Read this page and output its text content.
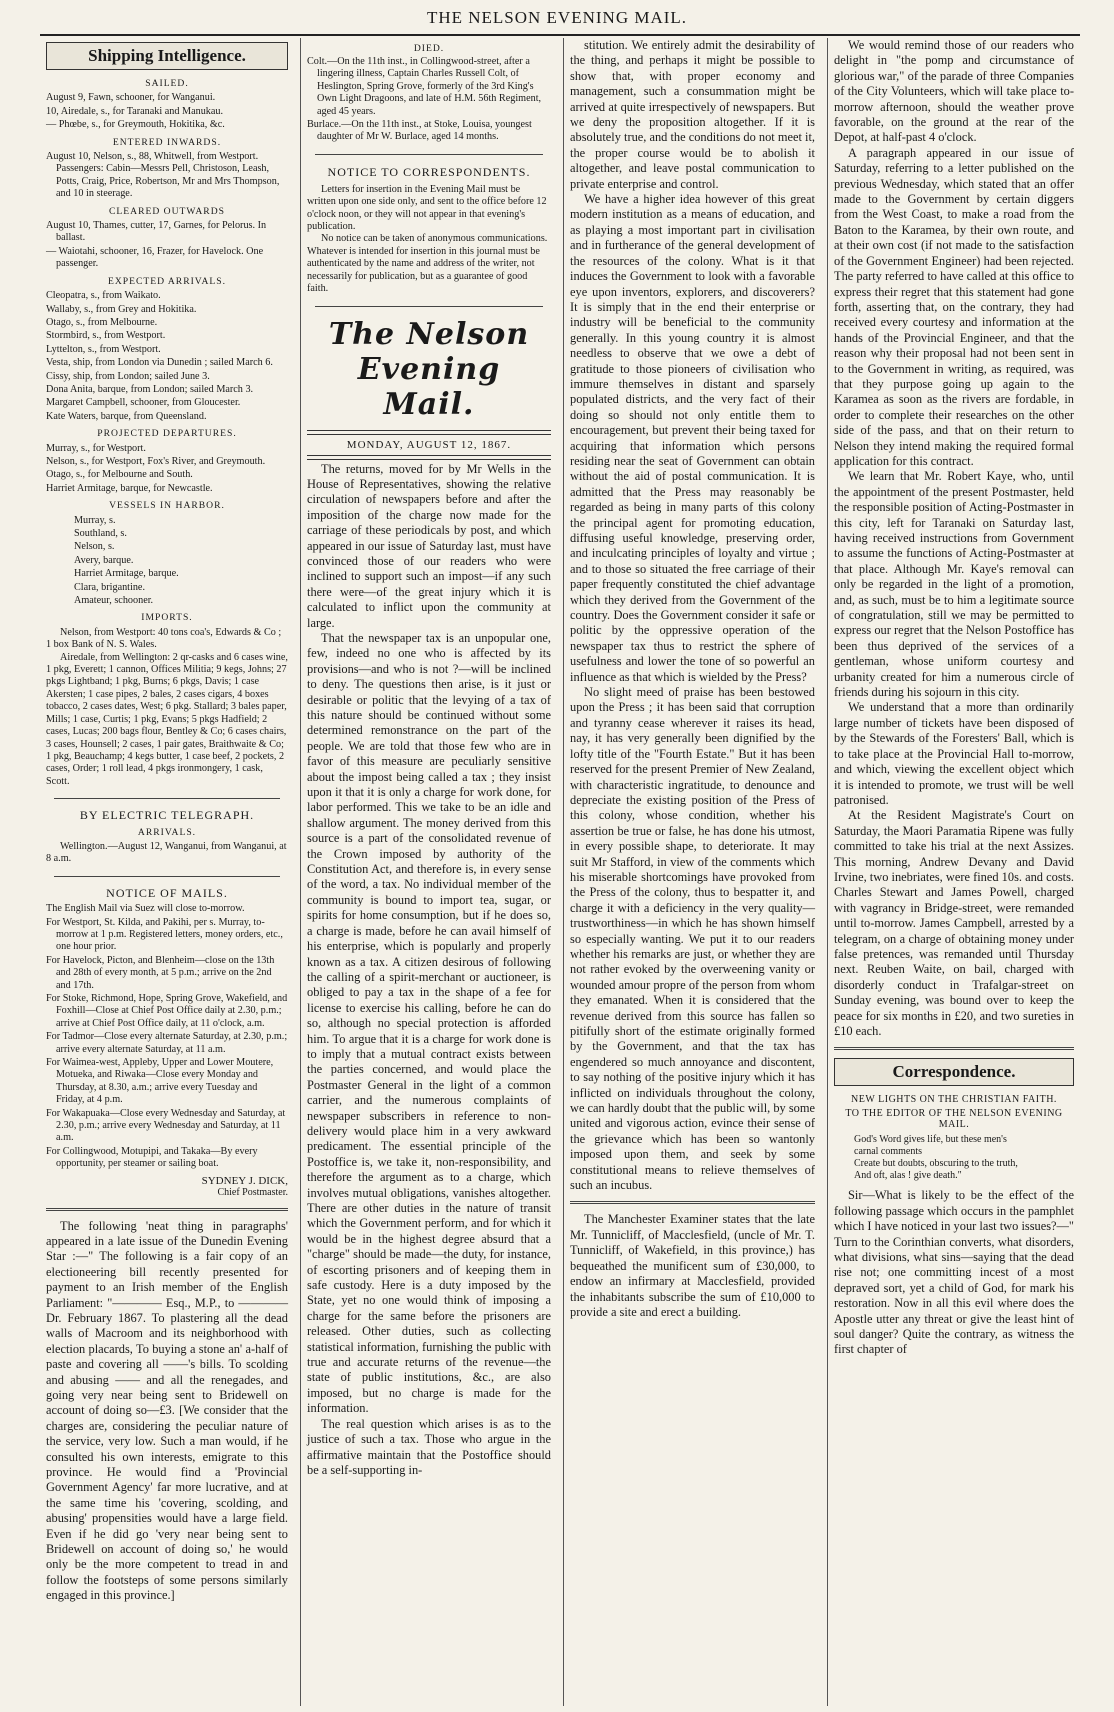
THE NELSON EVENING MAIL.
Shipping Intelligence.
SAILED.

August 9, Fawn, schooner, for Wanganui.

10, Airedale, s., for Taranaki and Manukau.

— Phœbe, s., for Greymouth, Hokitika, &c.

ENTERED INWARDS.

August 10, Nelson, s., 88, Whitwell, from Westport. Passengers: Cabin—Messrs Pell, Christoson, Leash, Potts, Craig, Price, Robertson, Mr and Mrs Thompson, and 10 in steerage.

CLEARED OUTWARDS

August 10, Thames, cutter, 17, Garnes, for Pelorus. In ballast.

— Waiotahi, schooner, 16, Frazer, for Havelock. One passenger.

EXPECTED ARRIVALS.

Cleopatra, s., from Waikato.

Wallaby, s., from Grey and Hokitika.

Otago, s., from Melbourne.

Stormbird, s., from Westport.

Lyttelton, s., from Westport.

Vesta, ship, from London via Dunedin ; sailed March 6.

Cissy, ship, from London; sailed June 3.

Dona Anita, barque, from London; sailed March 3.

Margaret Campbell, schooner, from Gloucester.

Kate Waters, barque, from Queensland.

PROJECTED DEPARTURES.

Murray, s., for Westport.

Nelson, s., for Westport, Fox's River, and Greymouth.

Otago, s., for Melbourne and South.

Harriet Armitage, barque, for Newcastle.

VESSELS IN HARBOR.

Murray, s.

Southland, s.

Nelson, s.

Avery, barque.

Harriet Armitage, barque.

Clara, brigantine.

Amateur, schooner.

IMPORTS.

Nelson, from Westport: 40 tons coa's, Edwards & Co ; 1 box Bank of N. S. Wales.

Airedale, from Wellington: 2 qr-casks and 6 cases wine, 1 pkg, Everett; 1 cannon, Offices Militia; 9 kegs, Johns; 27 pkgs Lightband; 1 pkg, Burns; 6 pkgs, Davis; 1 case Akersten; 1 case pipes, 2 bales, 2 cases cigars, 4 boxes tobacco, 2 cases dates, West; 6 pkg. Stallard; 3 bales paper, Mills; 1 case, Curtis; 1 pkg, Evans; 5 pkgs Hadfield; 2 cases, Lucas; 200 bags flour, Bentley & Co; 6 cases chairs, 3 cases, Hounsell; 2 cases, 1 pair gates, Braithwaite & Co; 1 pkg, Beauchamp; 4 kegs butter, 1 case beef, 2 pockets, 2 cases, Order; 1 roll lead, 4 pkgs ironmongery, 1 cask, Scott.

BY ELECTRIC TELEGRAPH.
ARRIVALS.

Wellington.—August 12, Wanganui, from Wanganui, at 8 a.m.

NOTICE OF MAILS.

The English Mail via Suez will close to-morrow.

For Westport, St. Kilda, and Pakihi, per s. Murray, to-morrow at 1 p.m. Registered letters, money orders, etc., one hour prior.

For Havelock, Picton, and Blenheim—close on the 13th and 28th of every month, at 5 p.m.; arrive on the 2nd and 17th.

For Stoke, Richmond, Hope, Spring Grove, Wakefield, and Foxhill—Close at Chief Post Office daily at 2.30, p.m.; arrive at Chief Post Office daily, at 11 o'clock, a.m.

For Tadmor—Close every alternate Saturday, at 2.30, p.m.; arrive every alternate Saturday, at 11 a.m.

For Waimea-west, Appleby, Upper and Lower Moutere, Motueka, and Riwaka—Close every Monday and Thursday, at 8.30, a.m.; arrive every Tuesday and Friday, at 4 p.m.

For Wakapuaka—Close every Wednesday and Saturday, at 2.30, p.m.; arrive every Wednesday and Saturday, at 11 a.m.

For Collingwood, Motupipi, and Takaka—By every opportunity, per steamer or sailing boat.

SYDNEY J. DICK,
Chief Postmaster.

The following 'neat thing in paragraphs' appeared in a late issue of the Dunedin Evening Star :—" The following is a fair copy of an electioneering bill recently presented for payment to an Irish member of the English Parliament: "———— Esq., M.P., to ———— Dr. February 1867. To plastering all the dead walls of Macroom and its neighborhood with election placards, To buying a stone an' a-half of paste and covering all ——'s bills. To scolding and abusing —— and all the renegades, and going very near being sent to Bridewell on account of doing so—£3. [We consider that the charges are, considering the peculiar nature of the service, very low. Such a man would, if he consulted his own interests, emigrate to this province. He would find a 'Provincial Government Agency' far more lucrative, and at the same time his 'covering, scolding, and abusing' propensities would have a large field. Even if he did go 'very near being sent to Bridewell on account of doing so,' he would only be the more competent to tread in and follow the footsteps of some persons similarly engaged in this province.]

DIED.

Colt.—On the 11th inst., in Collingwood-street, after a lingering illness, Captain Charles Russell Colt, of Heslington, Spring Grove, formerly of the 3rd King's Own Light Dragoons, and late of H.M. 56th Regiment, aged 45 years.

Burlace.—On the 11th inst., at Stoke, Louisa, youngest daughter of Mr W. Burlace, aged 14 months.

NOTICE TO CORRESPONDENTS.

Letters for insertion in the Evening Mail must be written upon one side only, and sent to the office before 12 o'clock noon, or they will not appear in that evening's publication.

No notice can be taken of anonymous communications. Whatever is intended for insertion in this journal must be authenticated by the name and address of the writer, not necessarily for publication, but as a guarantee of good faith.

The Nelson Evening Mail.
MONDAY, AUGUST 12, 1867.

The returns, moved for by Mr Wells in the House of Representatives, showing the relative circulation of newspapers before and after the imposition of the charge now made for the carriage of these periodicals by post, and which appeared in our issue of Saturday last, must have convinced those of our readers who were inclined to support such an impost—if any such there were—of the great injury which it is calculated to inflict upon the community at large.

That the newspaper tax is an unpopular one, few, indeed no one who is affected by its provisions—and who is not ?—will be inclined to deny. The questions then arise, is it just or desirable or politic that the levying of a tax of this nature should be continued without some determined remonstrance on the part of the people. We are told that those few who are in favor of this measure are peculiarly sensitive about the impost being called a tax ; they insist upon it that it is only a charge for work done, for labor performed. This we take to be an idle and shallow argument. The money derived from this source is a part of the consolidated revenue of the Crown imposed by authority of the Constitution Act, and therefore is, in every sense of the word, a tax. No individual member of the community is bound to import tea, sugar, or spirits for home consumption, but if he does so, a charge is made, before he can avail himself of his enterprise, which is popularly and properly known as a tax. A citizen desirous of following the calling of a spirit-merchant or auctioneer, is obliged to pay a tax in the shape of a fee for license to exercise his calling, before he can do so, although no special protection is afforded him. To argue that it is a charge for work done is to imply that a mutual contract exists between the parties concerned, and would place the Postmaster General in the light of a common carrier, and the numerous complaints of newspaper subscribers in reference to non-delivery would place him in a very awkward predicament. The essential principle of the Postoffice is, we take it, non-responsibility, and therefore the argument as to a charge, which involves mutual obligations, vanishes altogether. There are other duties in the nature of transit which the Government perform, and for which it would be in the highest degree absurd that a "charge" should be made—the duty, for instance, of escorting prisoners and of keeping them in safe custody. Here is a duty imposed by the State, yet no one would think of imposing a charge for the same before the prisoners are released. Other duties, such as collecting statistical information, furnishing the public with true and accurate returns of the revenue—the state of public institutions, &c., are also imposed, but no charge is made for the information.

The real question which arises is as to the justice of such a tax. Those who argue in the affirmative maintain that the Postoffice should be a self-supporting in-

stitution. We entirely admit the desirability of the thing, and perhaps it might be possible to show that, with proper economy and management, such a consummation might be arrived at quite irrespectively of newspapers. But we deny the proposition altogether. If it is absolutely true, and the conditions do not meet it, the proper course would be to abolish it altogether, and leave postal communication to private enterprise and control.

We have a higher idea however of this great modern institution as a means of education, and as playing a most important part in civilisation and in furtherance of the general development of the resources of the colony. What is it that induces the Government to look with a favorable eye upon inventors, explorers, and discoverers? It is simply that in the end their enterprise or industry will be beneficial to the community generally. In this young country it is almost needless to observe that we owe a debt of gratitude to those pioneers of civilisation who immure themselves in distant and sparsely populated districts, and the very fact of their doing so should not only entitle them to encouragement, but prevent their being taxed for acquiring that information which persons residing near the seat of Government can obtain without the aid of postal communication. It is admitted that the Press may reasonably be regarded as being in many parts of this colony the principal agent for promoting education, diffusing useful knowledge, preserving order, and inculcating principles of loyalty and virtue ; and to those so situated the free carriage of their paper frequently constituted the chief advantage which they derived from the Government of the country. Does the Government consider it safe or politic by the oppressive operation of the newspaper tax thus to restrict the sphere of usefulness and lower the tone of so powerful an influence as that which is wielded by the Press?

No slight meed of praise has been bestowed upon the Press ; it has been said that corruption and tyranny cease wherever it raises its head, nay, it has very generally been dignified by the lofty title of the "Fourth Estate." But it has been reserved for the present Premier of New Zealand, with characteristic ingratitude, to denounce and depreciate the existing position of the Press of this colony, whose condition, whether his assertion be true or false, he has done his utmost, in every possible shape, to deteriorate. It may suit Mr Stafford, in view of the comments which his miserable shortcomings have provoked from the Press of the colony, thus to bespatter it, and charge it with a deficiency in the very quality—trustworthiness—in which he has shown himself so especially wanting. We put it to our readers whether his remarks are just, or whether they are not rather evoked by the overweening vanity or wounded amour propre of the person from whom they emanated. When it is considered that the revenue derived from this source has fallen so pitifully short of the estimate originally formed by the Government, and that the tax has engendered so much annoyance and discontent, to say nothing of the positive injury which it has inflicted on individuals throughout the colony, we can hardly doubt that the public will, by some united and vigorous action, evince their sense of the grievance which has been so wantonly imposed upon them, and seek by some constitutional means to relieve themselves of such an incubus.

The Manchester Examiner states that the late Mr. Tunnicliff, of Macclesfield, (uncle of Mr. T. Tunnicliff, of Wakefield, in this province,) has bequeathed the munificent sum of £30,000, to endow an infirmary at Macclesfield, provided the inhabitants subscribe the sum of £10,000 to provide a site and erect a building.

We would remind those of our readers who delight in "the pomp and circumstance of glorious war," of the parade of three Companies of the City Volunteers, which will take place to-morrow afternoon, should the weather prove favorable, on the ground at the rear of the Depot, at half-past 4 o'clock.

A paragraph appeared in our issue of Saturday, referring to a letter published on the previous Wednesday, which stated that an offer made to the Government by certain diggers from the West Coast, to make a road from the Baton to the Karamea, by their own route, and at their own cost (if not made to the satisfaction of the Government Engineer) had been rejected. The party referred to have called at this office to express their regret that this statement had gone forth, asserting that, on the contrary, they had received every courtesy and information at the hands of the Provincial Engineer, and that the reason why their proposal had not been sent in to the Government in writing, as required, was that they purpose going up again to the Karamea as soon as the rivers are fordable, in order to complete their researches on the other side of the pass, and that on their return to Nelson they intend making the required formal application for this contract.

We learn that Mr. Robert Kaye, who, until the appointment of the present Postmaster, held the responsible position of Acting-Postmaster in this city, left for Taranaki on Saturday last, having received instructions from Government to assume the functions of Acting-Postmaster at that place. Although Mr. Kaye's removal can only be regarded in the light of a promotion, and, as such, must be to him a legitimate source of congratulation, still we may be permitted to express our regret that the Nelson Postoffice has been thus deprived of the services of a gentleman, whose uniform courtesy and urbanity created for him a numerous circle of friends during his sojourn in this city.

We understand that a more than ordinarily large number of tickets have been disposed of by the Stewards of the Foresters' Ball, which is to take place at the Provincial Hall to-morrow, and which, viewing the excellent object which it is intended to promote, we trust will be well patronised.

At the Resident Magistrate's Court on Saturday, the Maori Paramatia Ripene was fully committed to take his trial at the next Assizes. This morning, Andrew Devany and David Irvine, two inebriates, were fined 10s. and costs. Charles Stewart and James Powell, charged with vagrancy in Bridge-street, were remanded until to-morrow. James Campbell, arrested by a telegram, on a charge of obtaining money under false pretences, was remanded until Thursday next. Reuben Waite, on bail, charged with disorderly conduct in Trafalgar-street on Sunday evening, was bound over to keep the peace for six months in £20, and two sureties in £10 each.

Correspondence.
NEW LIGHTS ON THE CHRISTIAN FAITH.
TO THE EDITOR OF THE NELSON EVENING MAIL.

God's Word gives life, but these men's

carnal comments

Create but doubts, obscuring to the truth,

And oft, alas ! give death."

Sir—What is likely to be the effect of the following passage which occurs in the pamphlet which I have noticed in your last two issues?—" Turn to the Corinthian converts, what disorders, what divisions, what sins—saying that the dead rise not; one committing incest of a most depraved sort, yet a child of God, for mark his restoration. Now in all this evil where does the Apostle utter any threat or give the least hint of soul danger? Quite the contrary, as witness the first chapter of
